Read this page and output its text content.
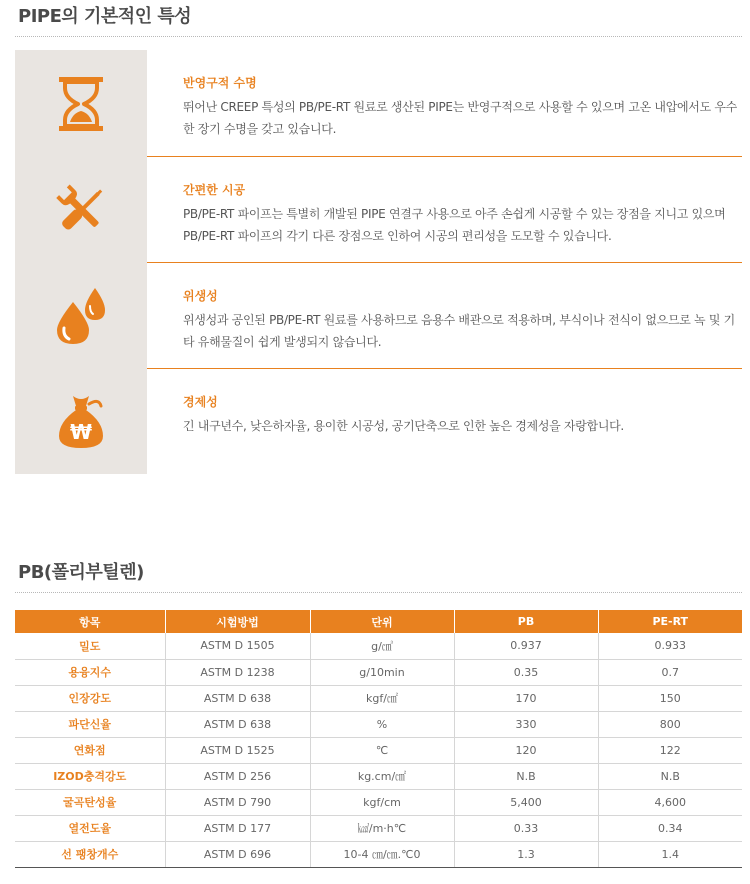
PIPE의 기본적인 특성
반영구적 수명
뛰어난 CREEP 특성의 PB/PE-RT 원료로 생산된 PIPE는 반영구적으로 사용할 수 있으며 고온 내압에서도 우수한 장기 수명을 갖고 있습니다.
간편한 시공
PB/PE-RT 파이프는 특별히 개발된 PIPE 연결구 사용으로 아주 손쉽게 시공할 수 있는 장점을 지니고 있으며 PB/PE-RT 파이프의 각기 다른 장점으로 인하여 시공의 편리성을 도모할 수 있습니다.
위생성
위생성과 공인된 PB/PE-RT 원료를 사용하므로 음용수 배관으로 적용하며, 부식이나 전식이 없으므로 녹 및 기타 유해물질이 쉽게 발생되지 않습니다.
₩
경제성
긴 내구년수, 낮은하자율, 용이한 시공성, 공기단축으로 인한 높은 경제성을 자랑합니다.
PB(폴리부틸렌)
항목	시험방법	단위	PB	PE-RT
밀도	ASTM D 1505	g/㎤	0.937	0.933
용융지수	ASTM D 1238	g/10min	0.35	0.7
인장강도	ASTM D 638	kgf/㎠	170	150
파단신율	ASTM D 638	%	330	800
연화점	ASTM D 1525	℃	120	122
IZOD충격강도	ASTM D 256	kg.cm/㎠	N.B	N.B
굴곡탄성율	ASTM D 790	kgf/cm	5,400	4,600
열전도율	ASTM D 177	㎉/m·h℃	0.33	0.34
선 팽창개수	ASTM D 696	10-4 ㎝/㎝.℃0	1.3	1.4
